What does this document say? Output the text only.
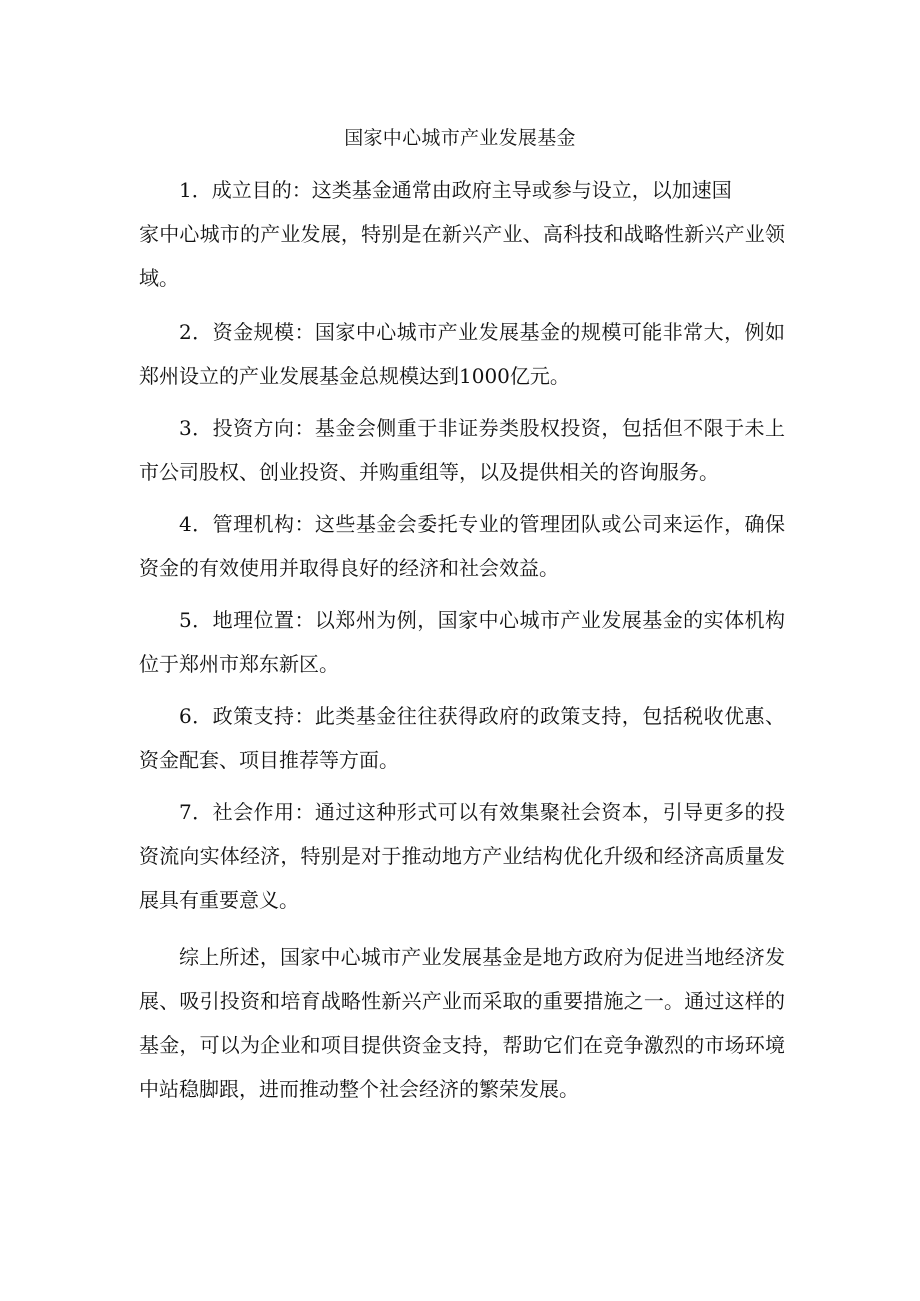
国家中心城市产业发展基金
1．成立目的：这类基金通常由政府主导或参与设立，以加速国
家中心城市的产业发展，特别是在新兴产业、高科技和战略性新兴产业领
域。
2．资金规模：国家中心城市产业发展基金的规模可能非常大，例如
郑州设立的产业发展基金总规模达到1000亿元。
3．投资方向：基金会侧重于非证券类股权投资，包括但不限于未上
市公司股权、创业投资、并购重组等，以及提供相关的咨询服务。
4．管理机构：这些基金会委托专业的管理团队或公司来运作，确保
资金的有效使用并取得良好的经济和社会效益。
5．地理位置：以郑州为例，国家中心城市产业发展基金的实体机构
位于郑州市郑东新区。
6．政策支持：此类基金往往获得政府的政策支持，包括税收优惠、
资金配套、项目推荐等方面。
7．社会作用：通过这种形式可以有效集聚社会资本，引导更多的投
资流向实体经济，特别是对于推动地方产业结构优化升级和经济高质量发
展具有重要意义。
综上所述，国家中心城市产业发展基金是地方政府为促进当地经济发
展、吸引投资和培育战略性新兴产业而采取的重要措施之一。通过这样的
基金，可以为企业和项目提供资金支持，帮助它们在竞争激烈的市场环境
中站稳脚跟，进而推动整个社会经济的繁荣发展。
